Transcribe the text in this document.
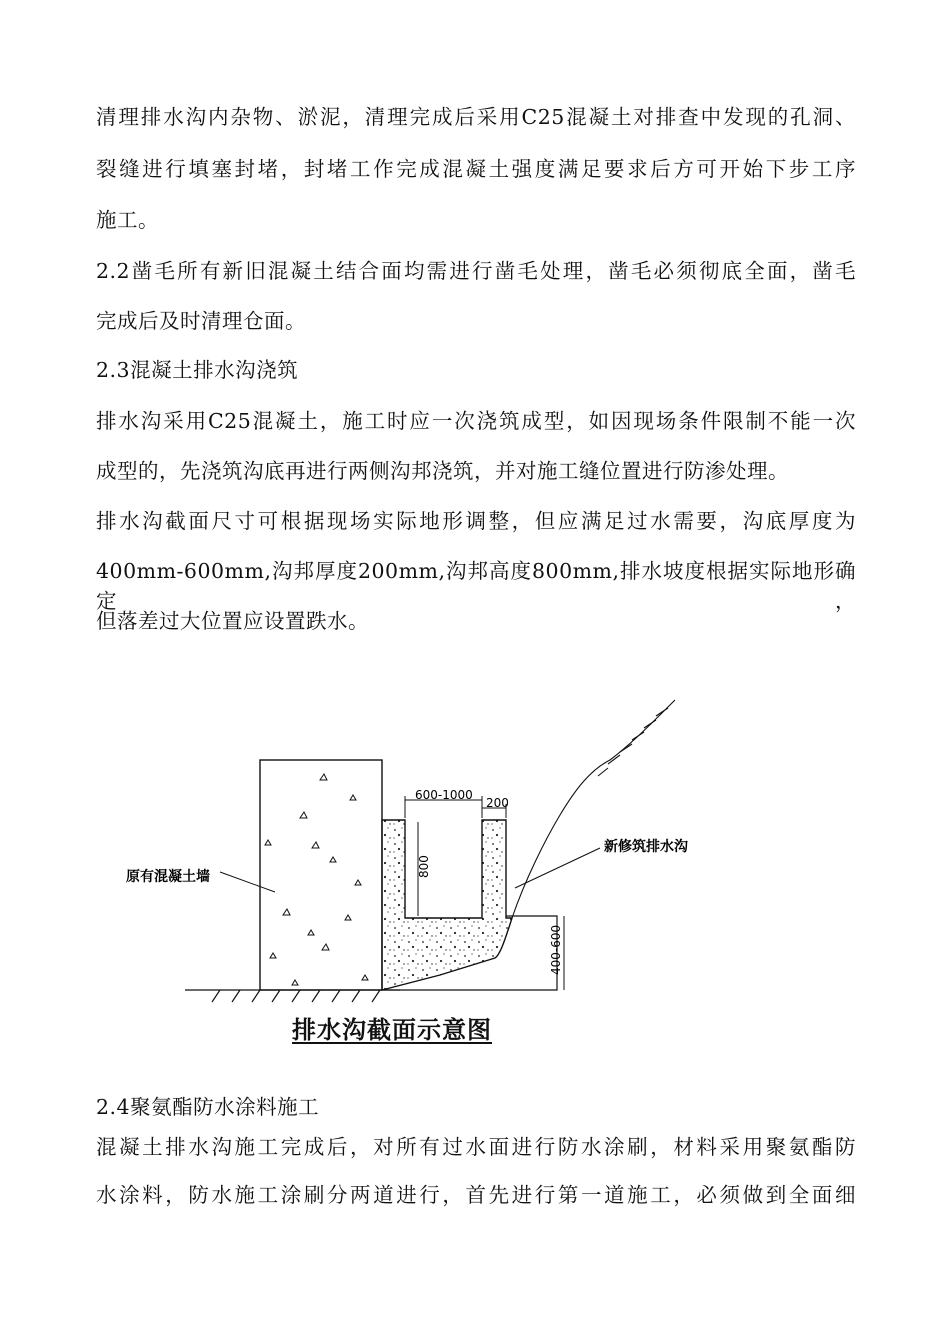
清理排水沟内杂物、淤泥，清理完成后采用C25混凝土对排查中发现的孔洞、
裂缝进行填塞封堵，封堵工作完成混凝土强度满足要求后方可开始下步工序
施工。
2.2凿毛所有新旧混凝土结合面均需进行凿毛处理，凿毛必须彻底全面，凿毛
完成后及时清理仓面。
2.3混凝土排水沟浇筑
排水沟采用C25混凝土，施工时应一次浇筑成型，如因现场条件限制不能一次
成型的，先浇筑沟底再进行两侧沟邦浇筑，并对施工缝位置进行防渗处理。
排水沟截面尺寸可根据现场实际地形调整，但应满足过水需要，沟底厚度为
400mm-600mm,沟邦厚度200mm,沟邦高度800mm,排水坡度根据实际地形确定，
但落差过大位置应设置跌水。
600-1000
200
800
400-600
原有混凝土墙
新修筑排水沟
排水沟截面示意图
2.4聚氨酯防水涂料施工
混凝土排水沟施工完成后，对所有过水面进行防水涂刷，材料采用聚氨酯防
水涂料，防水施工涂刷分两道进行，首先进行第一道施工，必须做到全面细
